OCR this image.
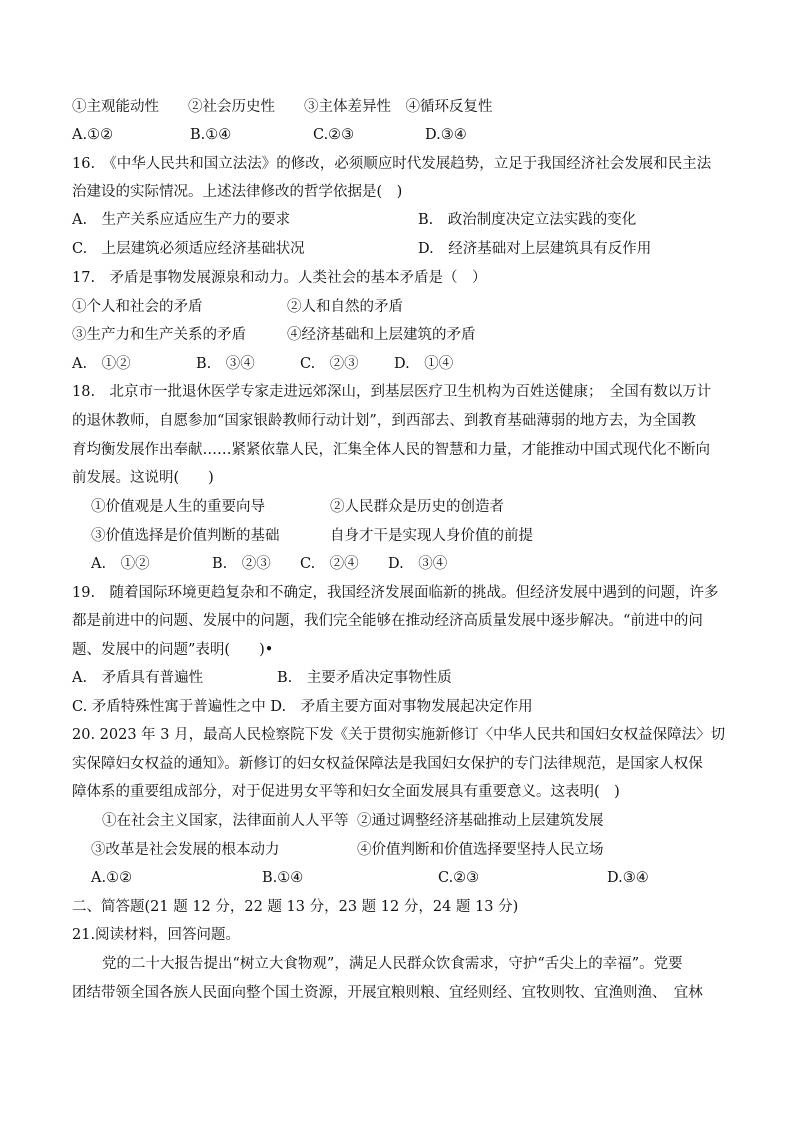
①主观能动性　　②社会历史性　　③主体差异性　④循环反复性
A.①②	B.①④	C.②③	D.③④
16.　《中华人民共和国立法法》的修改，必须顺应时代发展趋势，立足于我国经济社会发展和民主法
治建设的实际情况。上述法律修改的哲学依据是(　)
A.　生产关系应适应生产力的要求	B.　政治制度决定立法实践的变化
C.　上层建筑必须适应经济基础状况	D.　经济基础对上层建筑具有反作用
17.　矛盾是事物发展源泉和动力。人类社会的基本矛盾是（　）
①个人和社会的矛盾	②人和自然的矛盾
③生产力和生产关系的矛盾	④经济基础和上层建筑的矛盾
A.　①②	B.　③④	C.　②③ D.　①④
18.　北京市一批退休医学专家走进远郊深山，到基层医疗卫生机构为百姓送健康；　全国有数以万计
的退休教师，自愿参加“国家银龄教师行动计划”，到西部去、到教育基础薄弱的地方去，为全国教
育均衡发展作出奉献……紧紧依靠人民，汇集全体人民的智慧和力量，才能推动中国式现代化不断向
前发展。这说明(　　)
①价值观是人生的重要向导	②人民群众是历史的创造者
③价值选择是价值判断的基础	自身才干是实现人身价值的前提
A.　①②	B.　②③ C.　②④ D.　③④
19.　随着国际环境更趋复杂和不确定，我国经济发展面临新的挑战。但经济发展中遇到的问题，许多
都是前进中的问题、发展中的问题，我们完全能够在推动经济高质量发展中逐步解决。“前进中的问
题、发展中的问题”表明(　　)•
A.　矛盾具有普遍性	B.　主要矛盾决定事物性质
C. 矛盾特殊性寓于普遍性之中 D.　矛盾主要方面对事物发展起决定作用
20. 2023 年 3 月，最高人民检察院下发《关于贯彻实施新修订〈中华人民共和国妇女权益保障法〉切
实保障妇女权益的通知》。新修订的妇女权益保障法是我国妇女保护的专门法律规范，是国家人权保
障体系的重要组成部分，对于促进男女平等和妇女全面发展具有重要意义。这表明(　)
①在社会主义国家，法律面前人人平等 ②通过调整经济基础推动上层建筑发展
③改革是社会发展的根本动力	④价值判断和价值选择要坚持人民立场
A.①②	B.①④	C.②③	D.③④
二、简答题(21 题 12 分，22 题 13 分，23 题 12 分，24 题 13 分)
21.阅读材料，回答问题。
党的二十大报告提出“树立大食物观”，满足人民群众饮食需求，守护“舌尖上的幸福”。党要
团结带领全国各族人民面向整个国土资源，开展宜粮则粮、宜经则经、宜牧则牧、宜渔则渔、　宜林
